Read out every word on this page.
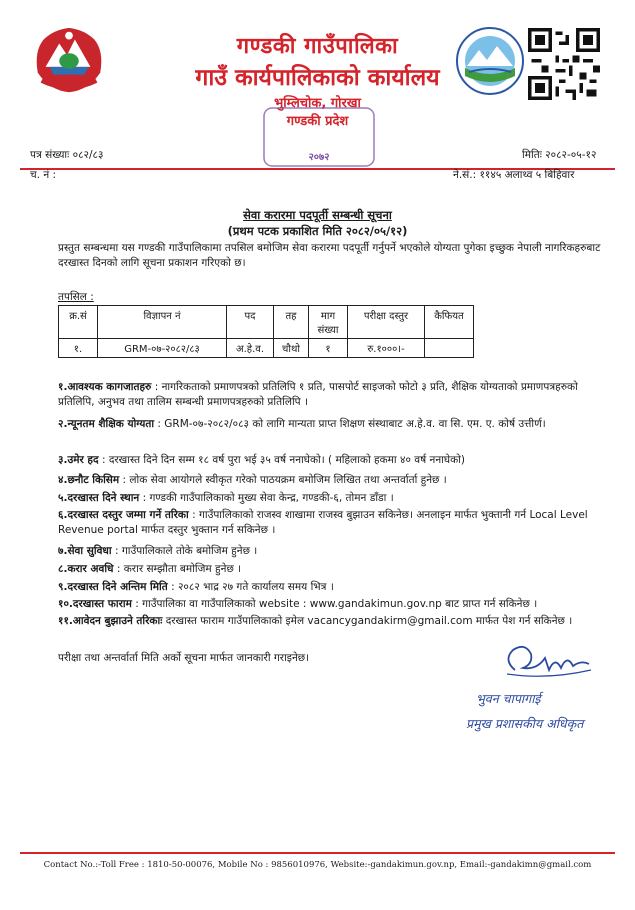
गण्डकी गाउँपालिका
गाउँ कार्यपालिकाको कार्यालय
भुम्लिचोक, गोरखा
गण्डकी प्रदेश
२०७२
पत्र संख्याः ०८२/८३
च. नं :
मितिः २०८२-०५-१२
ने.सं.: ११४५ अलाथ्व ५ बिहिवार
सेवा करारमा पदपूर्ती सम्बन्धी सूचना
(प्रथम पटक प्रकाशित मिति २०८२/०५/१२)
प्रस्तुत सम्बन्धमा यस गण्डकी गाउँपालिकामा तपसिल बमोजिम सेवा करारमा पदपूर्ती गर्नुपर्ने भएकोले योग्यता पुगेका इच्छुक नेपाली नागरिकहरुबाट दरखास्त दिनको लागि सूचना प्रकाशन गरिएको छ।
तपसिल :
क्र.सं	विज्ञापन नं	पद	तह	माग संख्या	परीक्षा दस्तुर	कैफियत
१.	GRM-०७-२०८२/८३	अ.हे.व.	चौथो	१	रु.१०००।-	
१.आवश्यक कागजातहरु : नागरिकताको प्रमाणपत्रको प्रतिलिपि १ प्रति, पासपोर्ट साइजको फोटो ३ प्रति, शैक्षिक योग्यताको प्रमाणपत्रहरुको प्रतिलिपि, अनुभव तथा तालिम सम्बन्धी प्रमाणपत्रहरुको प्रतिलिपि ।
२.न्यूनतम शैक्षिक योग्यता : GRM-०७-२०८२/०८३ को लागि मान्यता प्राप्त शिक्षण संस्थाबाट अ.हे.व. वा सि. एम. ए. कोर्ष उत्तीर्ण।
३.उमेर हद : दरखास्त दिने दिन सम्म १८ वर्ष पुरा भई ३५ वर्ष ननाघेको। ( महिलाको हकमा ४० वर्ष ननाघेको)
४.छनौट किसिम : लोक सेवा आयोगले स्वीकृत गरेको पाठयक्रम बमोजिम लिखित तथा अन्तर्वार्ता हुनेछ ।
५.दरखास्त दिने स्थान : गण्डकी गाउँपालिकाको मुख्य सेवा केन्द्र, गण्डकी-६, तोमन डाँडा ।
६.दरखास्त दस्तुर जम्मा गर्ने तरिका : गाउँपालिकाको राजस्व शाखामा राजस्व बुझाउन सकिनेछ। अनलाइन मार्फत भुक्तानी गर्न Local Level Revenue portal मार्फत दस्तुर भुक्तान गर्न सकिनेछ ।
७.सेवा सुविधा : गाउँपालिकाले तोके बमोजिम हुनेछ ।
८.करार अवधि : करार सम्झौता बमोजिम हुनेछ ।
९.दरखास्त दिने अन्तिम मिति : २०८२ भाद्र २७ गते कार्यालय समय भित्र ।
१०.दरखास्त फाराम : गाउँपालिका वा गाउँपालिकाको website : www.gandakimun.gov.np बाट प्राप्त गर्न सकिनेछ ।
११.आवेदन बुझाउने तरिकाः दरखास्त फाराम गाउँपालिकाको इमेल vacancygandakirm@gmail.com मार्फत पेश गर्न सकिनेछ ।
परीक्षा तथा अन्तर्वार्ता मिति अर्को सूचना मार्फत जानकारी गराइनेछ।
भुवन चापागाई
प्रमुख प्रशासकीय अधिकृत
Contact No.:-Toll Free : 1810-50-00076, Mobile No : 9856010976, Website:-gandakimun.gov.np, Email:-gandakimn@gmail.com
